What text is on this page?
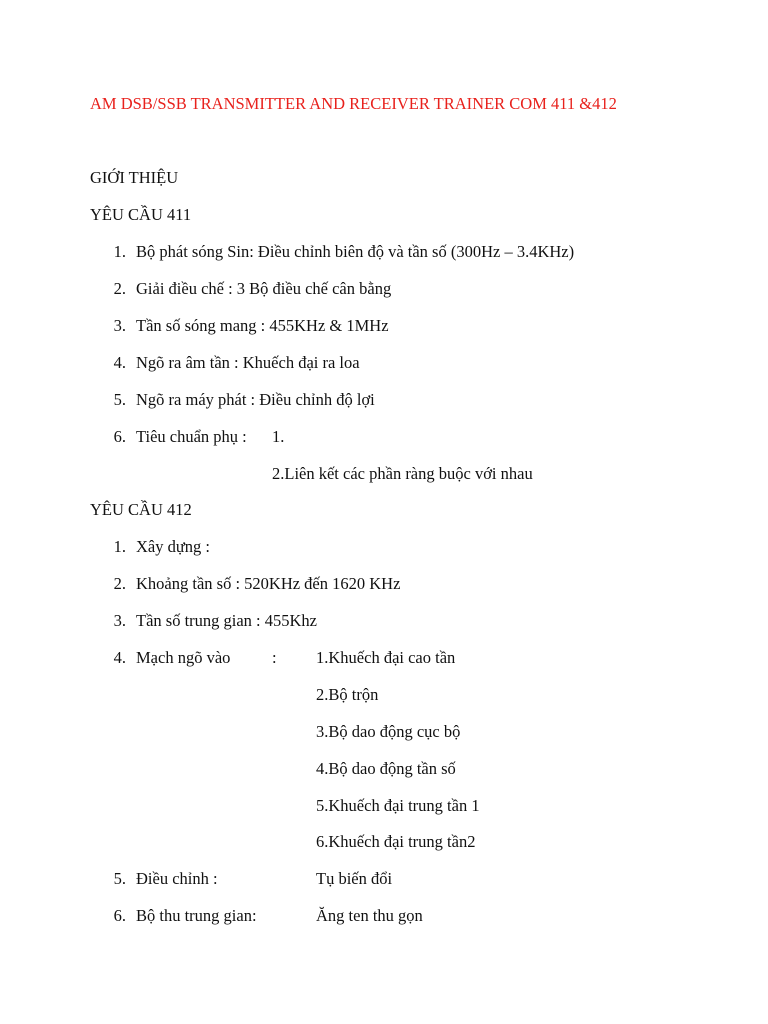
AM DSB/SSB TRANSMITTER AND RECEIVER TRAINER COM 411 &412
GIỚI THIỆU
YÊU CẦU 411
1. Bộ phát sóng Sin: Điều chỉnh biên độ và tần số (300Hz – 3.4KHz)
2. Giải điều chế : 3 Bộ điều chế cân bằng
3. Tần số sóng mang : 455KHz & 1MHz
4. Ngõ ra âm tần : Khuếch đại ra loa
5. Ngõ ra máy phát : Điều chỉnh độ lợi
6. Tiêu chuẩn phụ : 1.
2.Liên kết các phần ràng buộc với nhau
YÊU CẦU 412
1. Xây dựng :
2. Khoảng tần số : 520KHz đến 1620 KHz
3. Tần số trung gian : 455Khz
4. Mạch ngõ vào	: 1.Khuếch đại cao tần
2.Bộ trộn
3.Bộ dao động cục bộ
4.Bộ dao động tần số
5.Khuếch đại trung tần 1
6.Khuếch đại trung tần2
5. Điều chỉnh :	Tụ biến đổi
6. Bộ thu trung gian:	Ăng ten thu gọn
